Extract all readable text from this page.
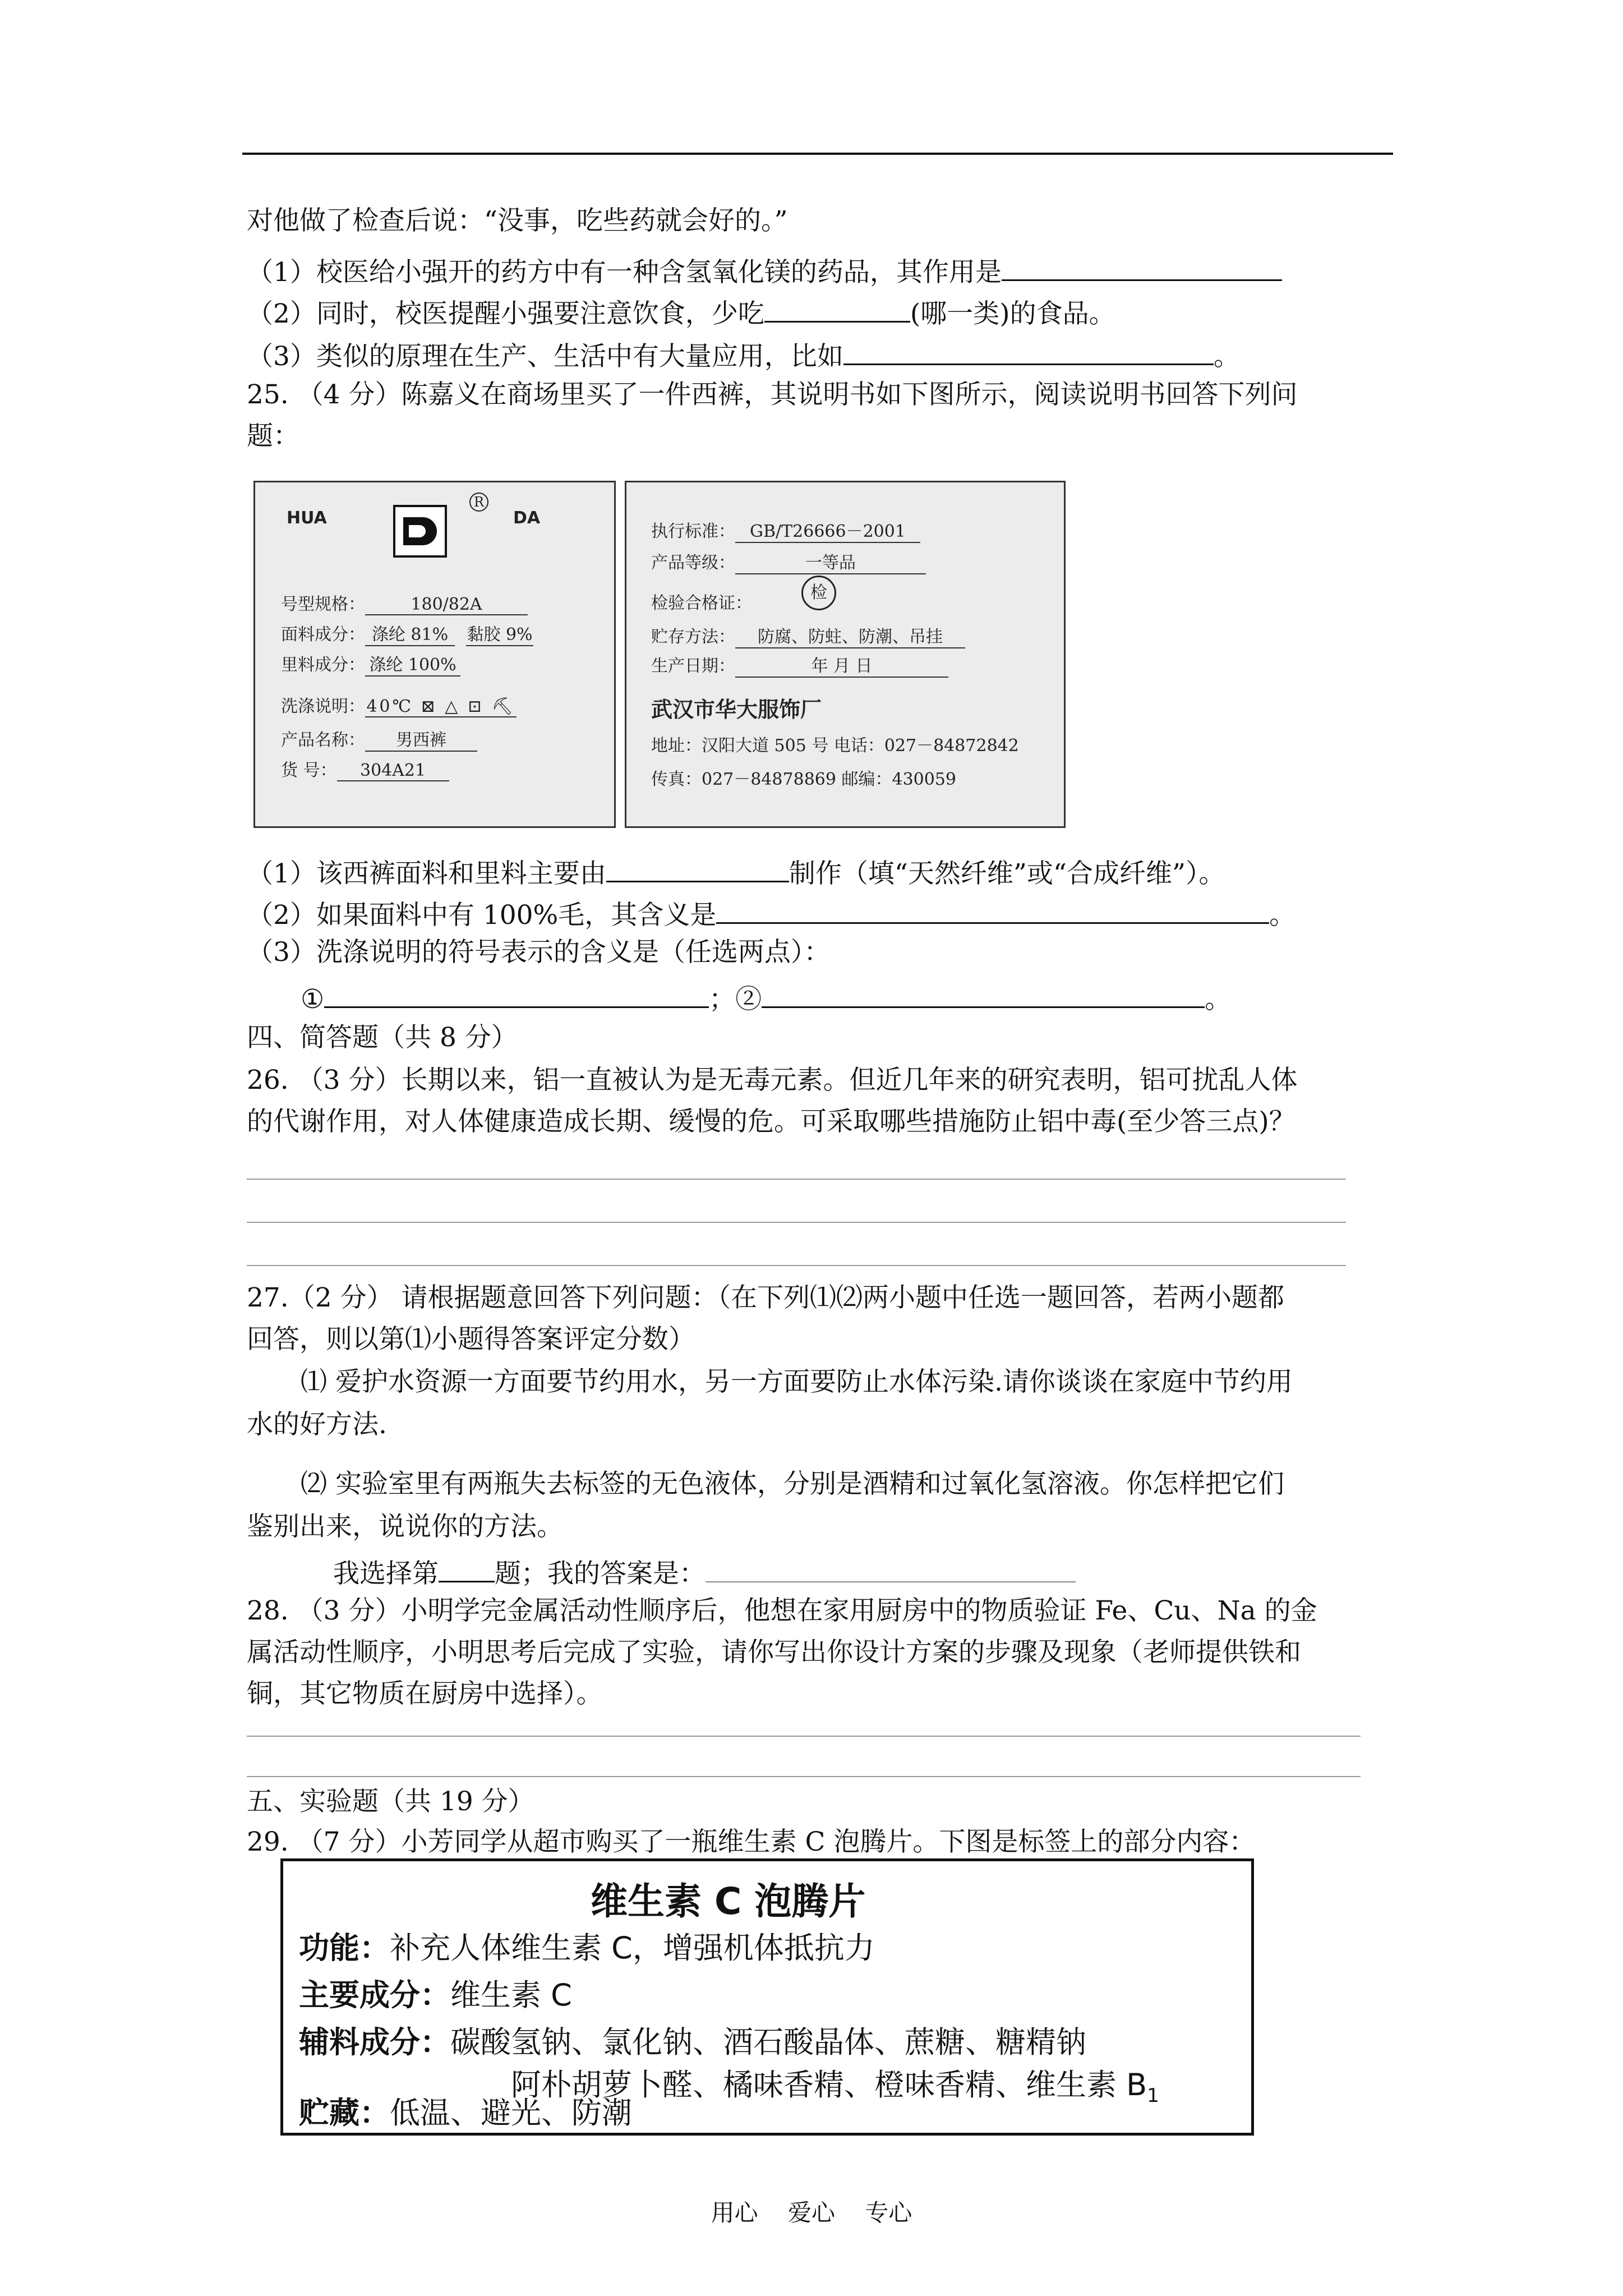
对他做了检查后说：“没事，吃些药就会好的。”
（1）校医给小强开的药方中有一种含氢氧化镁的药品，其作用是
（2）同时，校医提醒小强要注意饮食，少吃	(哪一类)的食品。
（3）类似的原理在生产、生活中有大量应用，比如	。
25. （4 分）陈嘉义在商场里买了一件西裤，其说明书如下图所示，阅读说明书回答下列问
题：
HUA
R
DA
号型规格：	180/82A
面料成分： 涤纶 81% 黏胶 9%
里料成分： 涤纶 100%
洗涤说明：40℃ ⊠ △ ⊡ ⛏
产品名称： 男西裤
货 号： 304A21
执行标准： GB/T26666－2001
产品等级：	一等品
检验合格证：
检
贮存方法： 防腐、防蛀、防潮、吊挂
生产日期：	年 月 日
武汉市华大服饰厂
地址：汉阳大道 505 号 电话：027－84872842
传真：027－84878869 邮编：430059
（1）该西裤面料和里料主要由	制作（填“天然纤维”或“合成纤维”）。
（2）如果面料中有 100%毛，其含义是	。
（3）洗涤说明的符号表示的含义是（任选两点）：
①	；②	。
四、简答题（共 8 分）
26. （3 分）长期以来，铝一直被认为是无毒元素。但近几年来的研究表明，铝可扰乱人体
的代谢作用，对人体健康造成长期、缓慢的危。可采取哪些措施防止铝中毒(至少答三点)？
27.（2 分） 请根据题意回答下列问题：（在下列⑴⑵两小题中任选一题回答，若两小题都
回答，则以第⑴小题得答案评定分数）
⑴ 爱护水资源一方面要节约用水，另一方面要防止水体污染.请你谈谈在家庭中节约用
水的好方法.
⑵ 实验室里有两瓶失去标签的无色液体，分别是酒精和过氧化氢溶液。你怎样把它们
鉴别出来，说说你的方法。
我选择第 题；我的答案是：
28. （3 分）小明学完金属活动性顺序后，他想在家用厨房中的物质验证 Fe、Cu、Na 的金
属活动性顺序，小明思考后完成了实验，请你写出你设计方案的步骤及现象（老师提供铁和
铜，其它物质在厨房中选择）。
五、实验题（共 19 分）
29. （7 分）小芳同学从超市购买了一瓶维生素 C 泡腾片。下图是标签上的部分内容：
维生素 C 泡腾片
功能：补充人体维生素 C，增强机体抵抗力
主要成分：维生素 C
辅料成分：碳酸氢钠、氯化钠、酒石酸晶体、蔗糖、糖精钠
阿朴胡萝卜醛、橘味香精、橙味香精、维生素 $B_1$
贮藏：低温、避光、防潮
用心    爱心    专心
